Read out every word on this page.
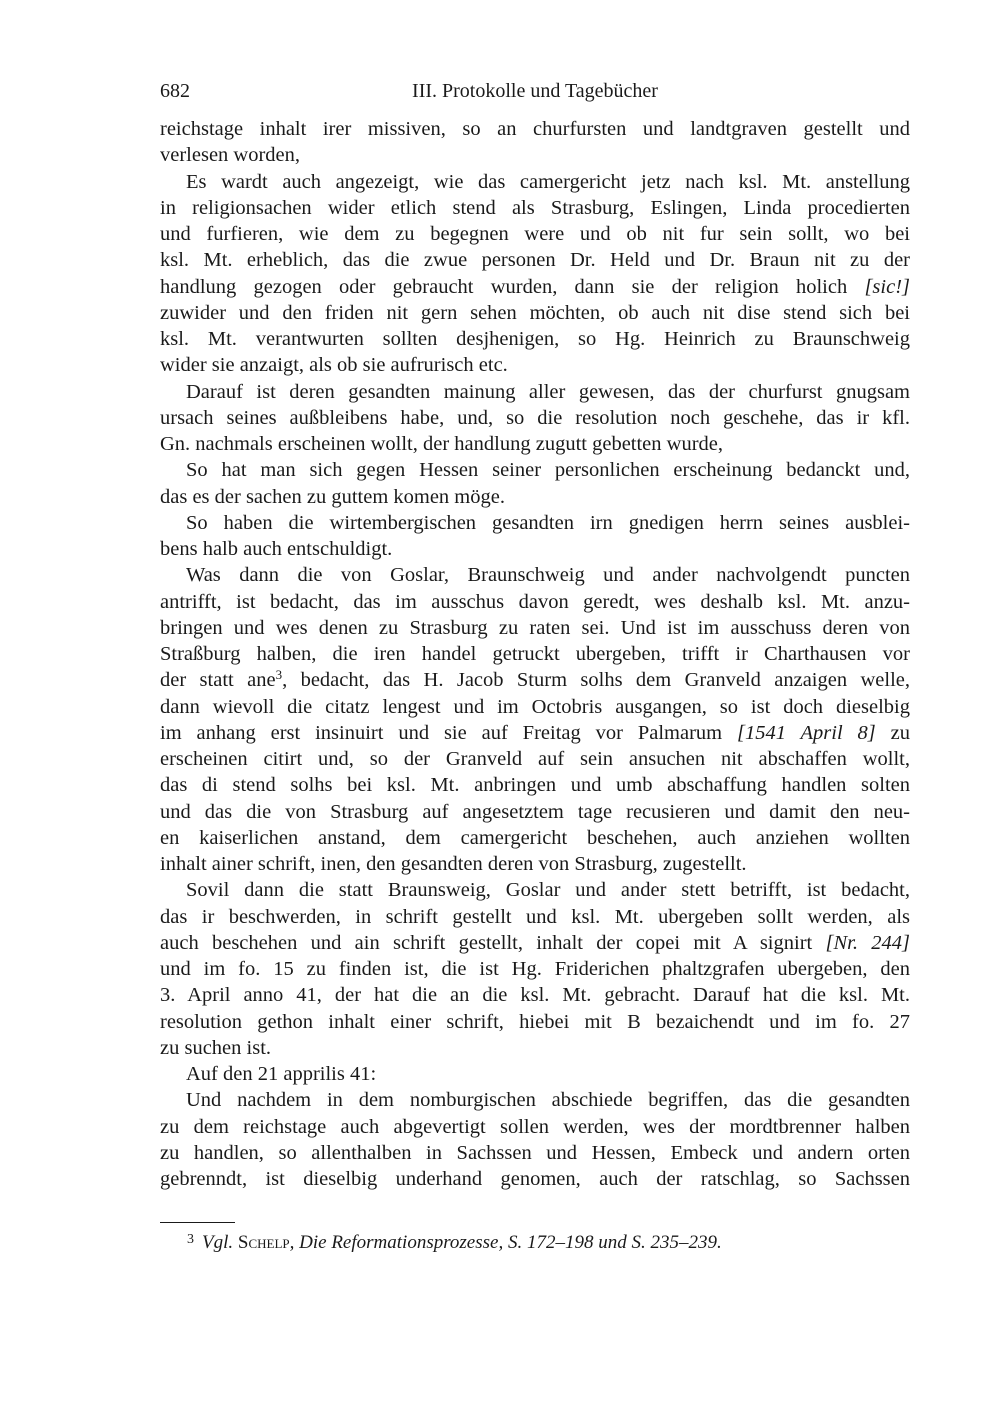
682	III. Protokolle und Tagebücher
reichstage inhalt irer missiven, so an churfursten und landtgraven gestellt und
verlesen worden,
Es wardt auch angezeigt, wie das camergericht jetz nach ksl. Mt. anstellung
in religionsachen wider etlich stend als Strasburg, Eslingen, Linda procedierten
und furfieren, wie dem zu begegnen were und ob nit fur sein sollt, wo bei
ksl. Mt. erheblich, das die zwue personen Dr. Held und Dr. Braun nit zu der
handlung gezogen oder gebraucht wurden, dann sie der religion holich [sic!]
zuwider und den friden nit gern sehen möchten, ob auch nit dise stend sich bei
ksl. Mt. verantwurten sollten desjhenigen, so Hg. Heinrich zu Braunschweig
wider sie anzaigt, als ob sie aufrurisch etc.
Darauf ist deren gesandten mainung aller gewesen, das der churfurst gnugsam
ursach seines außbleibens habe, und, so die resolution noch geschehe, das ir kfl.
Gn. nachmals erscheinen wollt, der handlung zugutt gebetten wurde,
So hat man sich gegen Hessen seiner personlichen erscheinung bedanckt und,
das es der sachen zu guttem komen möge.
So haben die wirtembergischen gesandten irn gnedigen herrn seines ausblei-
bens halb auch entschuldigt.
Was dann die von Goslar, Braunschweig und ander nachvolgendt puncten
antrifft, ist bedacht, das im ausschus davon geredt, wes deshalb ksl. Mt. anzu-
bringen und wes denen zu Strasburg zu raten sei. Und ist im ausschuss deren von
Straßburg halben, die iren handel getruckt ubergeben, trifft ir Charthausen vor
der statt ane$^3$, bedacht, das H. Jacob Sturm solhs dem Granveld anzaigen welle,
dann wievoll die citatz lengest und im Octobris ausgangen, so ist doch dieselbig
im anhang erst insinuirt und sie auf Freitag vor Palmarum [1541 April 8] zu
erscheinen citirt und, so der Granveld auf sein ansuchen nit abschaffen wollt,
das di stend solhs bei ksl. Mt. anbringen und umb abschaffung handlen solten
und das die von Strasburg auf angesetztem tage recusieren und damit den neu-
en kaiserlichen anstand, dem camergericht beschehen, auch anziehen wollten
inhalt ainer schrift, inen, den gesandten deren von Strasburg, zugestellt.
Sovil dann die statt Braunsweig, Goslar und ander stett betrifft, ist bedacht,
das ir beschwerden, in schrift gestellt und ksl. Mt. ubergeben sollt werden, als
auch beschehen und ain schrift gestellt, inhalt der copei mit A signirt [Nr. 244]
und im fo. 15 zu finden ist, die ist Hg. Friderichen phaltzgrafen ubergeben, den
3. April anno 41, der hat die an die ksl. Mt. gebracht. Darauf hat die ksl. Mt.
resolution gethon inhalt einer schrift, hiebei mit B bezaichendt und im fo. 27
zu suchen ist.
Auf den 21 apprilis 41:
Und nachdem in dem nomburgischen abschiede begriffen, das die gesandten
zu dem reichstage auch abgevertigt sollen werden, wes der mordtbrenner halben
zu handlen, so allenthalben in Sachssen und Hessen, Embeck und andern orten
gebrenndt, ist dieselbig underhand genomen, auch der ratschlag, so Sachssen
$^3$ Vgl. Schelp, Die Reformationsprozesse, S. 172–198 und S. 235–239.
